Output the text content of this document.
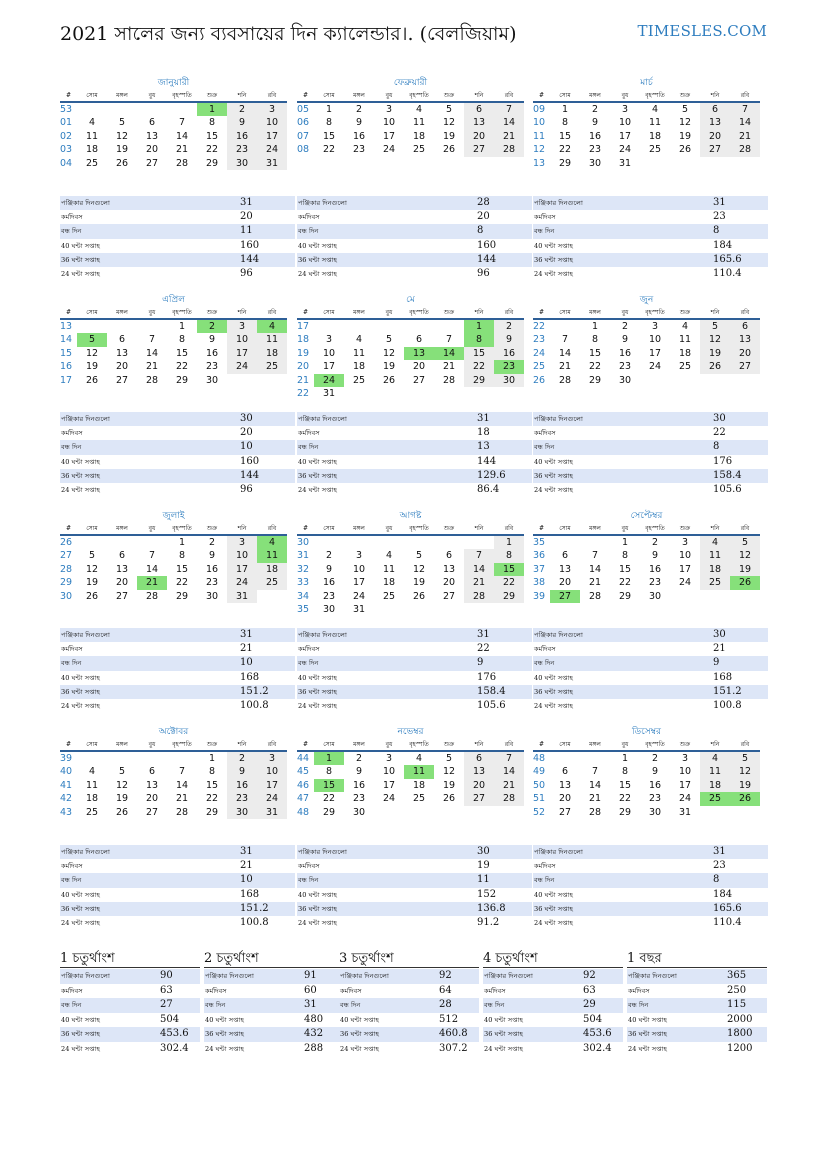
2021 সালের জন্য ব্যবসায়ের দিন ক্যালেন্ডার।. (বেলজিয়াম)	TIMESLES.COM
জানুয়ারী
#	সোম	মঙ্গল	বুধ	বৃহস্পতি	শুক্র	শনি	রবি
53					1	2	3
01	4	5	6	7	8	9	10
02	11	12	13	14	15	16	17
03	18	19	20	21	22	23	24
04	25	26	27	28	29	30	31
পঞ্জিকার দিনগুলো	31
কর্মদিবস	20
বন্ধ দিন	11
40 ঘন্টা সপ্তাহ	160
36 ঘন্টা সপ্তাহ	144
24 ঘন্টা সপ্তাহ	96
ফেব্রুয়ারী
#	সোম	মঙ্গল	বুধ	বৃহস্পতি	শুক্র	শনি	রবি
05	1	2	3	4	5	6	7
06	8	9	10	11	12	13	14
07	15	16	17	18	19	20	21
08	22	23	24	25	26	27	28
পঞ্জিকার দিনগুলো	28
কর্মদিবস	20
বন্ধ দিন	8
40 ঘন্টা সপ্তাহ	160
36 ঘন্টা সপ্তাহ	144
24 ঘন্টা সপ্তাহ	96
মার্চ
#	সোম	মঙ্গল	বুধ	বৃহস্পতি	শুক্র	শনি	রবি
09	1	2	3	4	5	6	7
10	8	9	10	11	12	13	14
11	15	16	17	18	19	20	21
12	22	23	24	25	26	27	28
13	29	30	31				
পঞ্জিকার দিনগুলো	31
কর্মদিবস	23
বন্ধ দিন	8
40 ঘন্টা সপ্তাহ	184
36 ঘন্টা সপ্তাহ	165.6
24 ঘন্টা সপ্তাহ	110.4
এপ্রিল
#	সোম	মঙ্গল	বুধ	বৃহস্পতি	শুক্র	শনি	রবি
13				1	2	3	4
14	5	6	7	8	9	10	11
15	12	13	14	15	16	17	18
16	19	20	21	22	23	24	25
17	26	27	28	29	30		
পঞ্জিকার দিনগুলো	30
কর্মদিবস	20
বন্ধ দিন	10
40 ঘন্টা সপ্তাহ	160
36 ঘন্টা সপ্তাহ	144
24 ঘন্টা সপ্তাহ	96
মে
#	সোম	মঙ্গল	বুধ	বৃহস্পতি	শুক্র	শনি	রবি
17						1	2
18	3	4	5	6	7	8	9
19	10	11	12	13	14	15	16
20	17	18	19	20	21	22	23
21	24	25	26	27	28	29	30
22	31						
পঞ্জিকার দিনগুলো	31
কর্মদিবস	18
বন্ধ দিন	13
40 ঘন্টা সপ্তাহ	144
36 ঘন্টা সপ্তাহ	129.6
24 ঘন্টা সপ্তাহ	86.4
জুন
#	সোম	মঙ্গল	বুধ	বৃহস্পতি	শুক্র	শনি	রবি
22		1	2	3	4	5	6
23	7	8	9	10	11	12	13
24	14	15	16	17	18	19	20
25	21	22	23	24	25	26	27
26	28	29	30				
পঞ্জিকার দিনগুলো	30
কর্মদিবস	22
বন্ধ দিন	8
40 ঘন্টা সপ্তাহ	176
36 ঘন্টা সপ্তাহ	158.4
24 ঘন্টা সপ্তাহ	105.6
জুলাই
#	সোম	মঙ্গল	বুধ	বৃহস্পতি	শুক্র	শনি	রবি
26				1	2	3	4
27	5	6	7	8	9	10	11
28	12	13	14	15	16	17	18
29	19	20	21	22	23	24	25
30	26	27	28	29	30	31	
পঞ্জিকার দিনগুলো	31
কর্মদিবস	21
বন্ধ দিন	10
40 ঘন্টা সপ্তাহ	168
36 ঘন্টা সপ্তাহ	151.2
24 ঘন্টা সপ্তাহ	100.8
আগষ্ট
#	সোম	মঙ্গল	বুধ	বৃহস্পতি	শুক্র	শনি	রবি
30							1
31	2	3	4	5	6	7	8
32	9	10	11	12	13	14	15
33	16	17	18	19	20	21	22
34	23	24	25	26	27	28	29
35	30	31					
পঞ্জিকার দিনগুলো	31
কর্মদিবস	22
বন্ধ দিন	9
40 ঘন্টা সপ্তাহ	176
36 ঘন্টা সপ্তাহ	158.4
24 ঘন্টা সপ্তাহ	105.6
সেপ্টেম্বর
#	সোম	মঙ্গল	বুধ	বৃহস্পতি	শুক্র	শনি	রবি
35			1	2	3	4	5
36	6	7	8	9	10	11	12
37	13	14	15	16	17	18	19
38	20	21	22	23	24	25	26
39	27	28	29	30			
পঞ্জিকার দিনগুলো	30
কর্মদিবস	21
বন্ধ দিন	9
40 ঘন্টা সপ্তাহ	168
36 ঘন্টা সপ্তাহ	151.2
24 ঘন্টা সপ্তাহ	100.8
অক্টোবর
#	সোম	মঙ্গল	বুধ	বৃহস্পতি	শুক্র	শনি	রবি
39					1	2	3
40	4	5	6	7	8	9	10
41	11	12	13	14	15	16	17
42	18	19	20	21	22	23	24
43	25	26	27	28	29	30	31
পঞ্জিকার দিনগুলো	31
কর্মদিবস	21
বন্ধ দিন	10
40 ঘন্টা সপ্তাহ	168
36 ঘন্টা সপ্তাহ	151.2
24 ঘন্টা সপ্তাহ	100.8
নভেম্বর
#	সোম	মঙ্গল	বুধ	বৃহস্পতি	শুক্র	শনি	রবি
44	1	2	3	4	5	6	7
45	8	9	10	11	12	13	14
46	15	16	17	18	19	20	21
47	22	23	24	25	26	27	28
48	29	30					
পঞ্জিকার দিনগুলো	30
কর্মদিবস	19
বন্ধ দিন	11
40 ঘন্টা সপ্তাহ	152
36 ঘন্টা সপ্তাহ	136.8
24 ঘন্টা সপ্তাহ	91.2
ডিসেম্বর
#	সোম	মঙ্গল	বুধ	বৃহস্পতি	শুক্র	শনি	রবি
48			1	2	3	4	5
49	6	7	8	9	10	11	12
50	13	14	15	16	17	18	19
51	20	21	22	23	24	25	26
52	27	28	29	30	31		
পঞ্জিকার দিনগুলো	31
কর্মদিবস	23
বন্ধ দিন	8
40 ঘন্টা সপ্তাহ	184
36 ঘন্টা সপ্তাহ	165.6
24 ঘন্টা সপ্তাহ	110.4
1 চতুর্থাংশ
পঞ্জিকার দিনগুলো	90
কর্মদিবস	63
বন্ধ দিন	27
40 ঘন্টা সপ্তাহ	504
36 ঘন্টা সপ্তাহ	453.6
24 ঘন্টা সপ্তাহ	302.4
2 চতুর্থাংশ
পঞ্জিকার দিনগুলো	91
কর্মদিবস	60
বন্ধ দিন	31
40 ঘন্টা সপ্তাহ	480
36 ঘন্টা সপ্তাহ	432
24 ঘন্টা সপ্তাহ	288
3 চতুর্থাংশ
পঞ্জিকার দিনগুলো	92
কর্মদিবস	64
বন্ধ দিন	28
40 ঘন্টা সপ্তাহ	512
36 ঘন্টা সপ্তাহ	460.8
24 ঘন্টা সপ্তাহ	307.2
4 চতুর্থাংশ
পঞ্জিকার দিনগুলো	92
কর্মদিবস	63
বন্ধ দিন	29
40 ঘন্টা সপ্তাহ	504
36 ঘন্টা সপ্তাহ	453.6
24 ঘন্টা সপ্তাহ	302.4
1 বছর
পঞ্জিকার দিনগুলো	365
কর্মদিবস	250
বন্ধ দিন	115
40 ঘন্টা সপ্তাহ	2000
36 ঘন্টা সপ্তাহ	1800
24 ঘন্টা সপ্তাহ	1200
